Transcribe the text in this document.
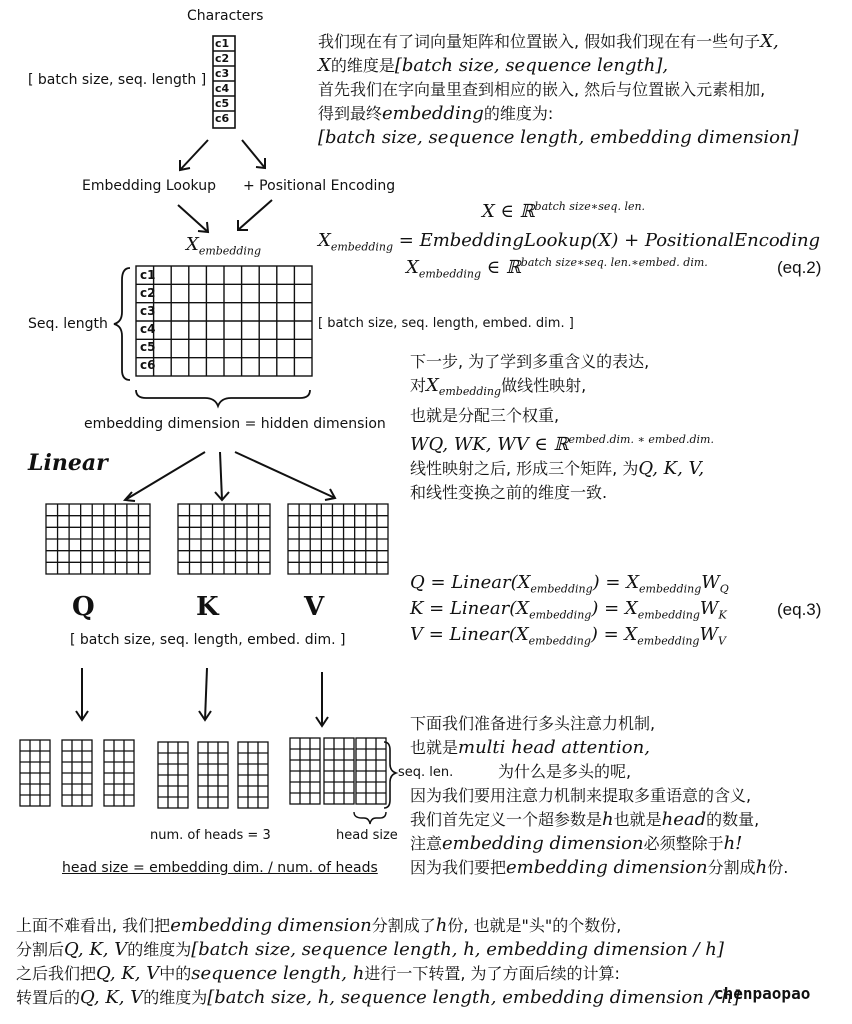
Characters
[ batch size, seq. length ]
c1
c2
c3
c4
c5
c6
Embedding Lookup + Positional Encoding
$X_{embedding}$
c1
c2
c3
c4
c5
c6
Seq. length	[ batch size, seq. length, embed. dim. ]
embedding dimension = hidden dimension
Linear
Q	K	V
[ batch size, seq. length, embed. dim. ]
seq. len.
num. of heads = 3	head size
head size = embedding dim. / num. of heads
我们现在有了词向量矩阵和位置嵌入, 假如我们现在有一些句子X,
X的维度是[batch size, sequence length],
首先我们在字向量里查到相应的嵌入, 然后与位置嵌入元素相加,
得到最终embedding的维度为:
[batch size, sequence length, embedding dimension]
X ∈ ℝ$^{batch size∗seq. len.}$
$X_{embedding}$ = EmbeddingLookup(X) + PositionalEncoding
$X_{embedding}$ ∈ ℝ$^{batch size∗seq. len.∗embed. dim.}$	(eq.2)
下一步, 为了学到多重含义的表达,
对$X_{embedding}$做线性映射,
也就是分配三个权重,
WQ, WK, WV ∈ ℝ$^{embed.dim. ∗ embed.dim.}$
线性映射之后, 形成三个矩阵, 为Q, K, V,
和线性变换之前的维度一致.
$Q = Linear(X_{embedding}) = X_{embedding}W_Q$
$K = Linear(X_{embedding}) = X_{embedding}W_K$
$V = Linear(X_{embedding}) = X_{embedding}W_V$
(eq.3)
下面我们准备进行多头注意力机制,
也就是multi head attention,
为什么是多头的呢,
因为我们要用注意力机制来提取多重语意的含义,
我们首先定义一个超参数是h也就是head的数量,
注意embedding dimension必须整除于h!
因为我们要把embedding dimension分割成h份.
上面不难看出, 我们把embedding dimension分割成了h份, 也就是"头"的个数份,
分割后Q, K, V的维度为[batch size, sequence length, h, embedding dimension / h]
之后我们把Q, K, V中的sequence length, h进行一下转置, 为了方面后续的计算:
转置后的Q, K, V的维度为[batch size, h, sequence length, embedding dimension / h]
chenpaopao
